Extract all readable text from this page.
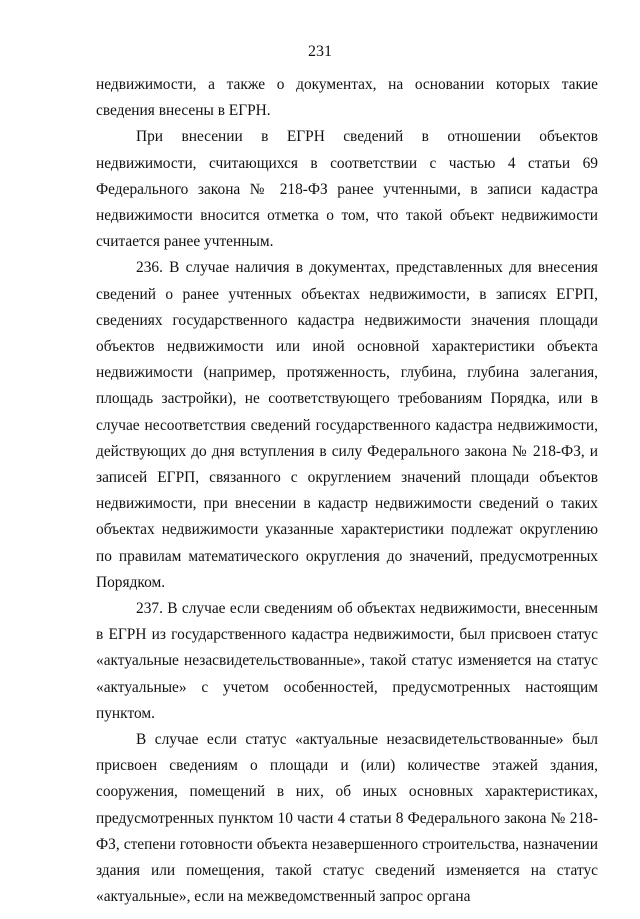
231

недвижимости, а также о документах, на основании которых такие сведения внесены в ЕГРН.

При внесении в ЕГРН сведений в отношении объектов недвижимости, считающихся в соответствии с частью 4 статьи 69 Федерального закона № 218-ФЗ ранее учтенными, в записи кадастра недвижимости вносится отметка о том, что такой объект недвижимости считается ранее учтенным.

236. В случае наличия в документах, представленных для внесения сведений о ранее учтенных объектах недвижимости, в записях ЕГРП, сведениях государственного кадастра недвижимости значения площади объектов недвижимости или иной основной характеристики объекта недвижимости (например, протяженность, глубина, глубина залегания, площадь застройки), не соответствующего требованиям Порядка, или в случае несоответствия сведений государственного кадастра недвижимости, действующих до дня вступления в силу Федерального закона № 218-ФЗ, и записей ЕГРП, связанного с округлением значений площади объектов недвижимости, при внесении в кадастр недвижимости сведений о таких объектах недвижимости указанные характеристики подлежат округлению по правилам математического округления до значений, предусмотренных Порядком.

237. В случае если сведениям об объектах недвижимости, внесенным в ЕГРН из государственного кадастра недвижимости, был присвоен статус «актуальные незасвидетельствованные», такой статус изменяется на статус «актуальные» с учетом особенностей, предусмотренных настоящим пунктом.

В случае если статус «актуальные незасвидетельствованные» был присвоен сведениям о площади и (или) количестве этажей здания, сооружения, помещений в них, об иных основных характеристиках, предусмотренных пунктом 10 части 4 статьи 8 Федерального закона № 218-ФЗ, степени готовности объекта незавершенного строительства, назначении здания или помещения, такой статус сведений изменяется на статус «актуальные», если на межведомственный запрос органа
